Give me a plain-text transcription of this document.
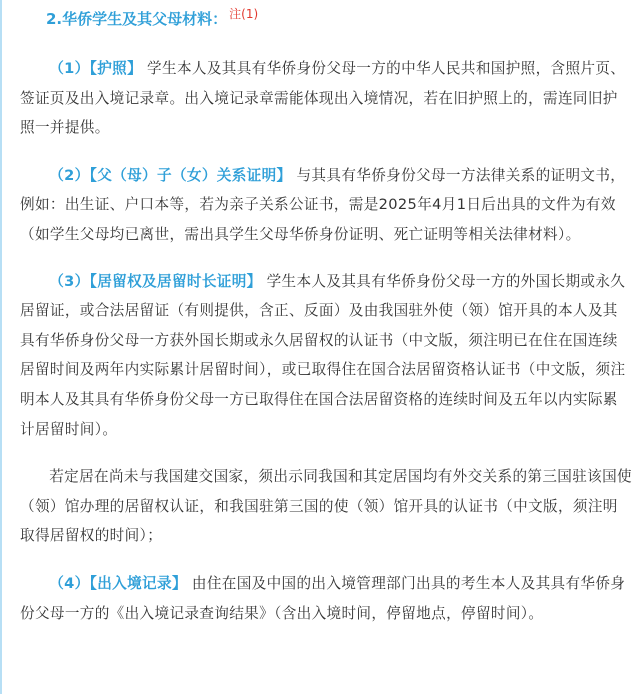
2.华侨学生及其父母材料： $^{注(1)}$

（1）【护照】 学生本人及其具有华侨身份父母一方的中华人民共和国护照，含照片页、签证页及出入境记录章。出入境记录章需能体现出入境情况，若在旧护照上的，需连同旧护照一并提供。

（2）【父（母）子（女）关系证明】 与其具有华侨身份父母一方法律关系的证明文书，例如：出生证、户口本等，若为亲子关系公证书，需是2025年4月1日后出具的文件为有效（如学生父母均已离世，需出具学生父母华侨身份证明、死亡证明等相关法律材料）。

（3）【居留权及居留时长证明】 学生本人及其具有华侨身份父母一方的外国长期或永久居留证，或合法居留证（有则提供，含正、反面）及由我国驻外使（领）馆开具的本人及其具有华侨身份父母一方获外国长期或永久居留权的认证书（中文版，须注明已在住在国连续居留时间及两年内实际累计居留时间），或已取得住在国合法居留资格认证书（中文版，须注明本人及其具有华侨身份父母一方已取得住在国合法居留资格的连续时间及五年以内实际累计居留时间）。

若定居在尚未与我国建交国家，须出示同我国和其定居国均有外交关系的第三国驻该国使（领）馆办理的居留权认证，和我国驻第三国的使（领）馆开具的认证书（中文版，须注明取得居留权的时间）；

（4）【出入境记录】 由住在国及中国的出入境管理部门出具的考生本人及其具有华侨身份父母一方的《出入境记录查询结果》（含出入境时间，停留地点，停留时间）。
